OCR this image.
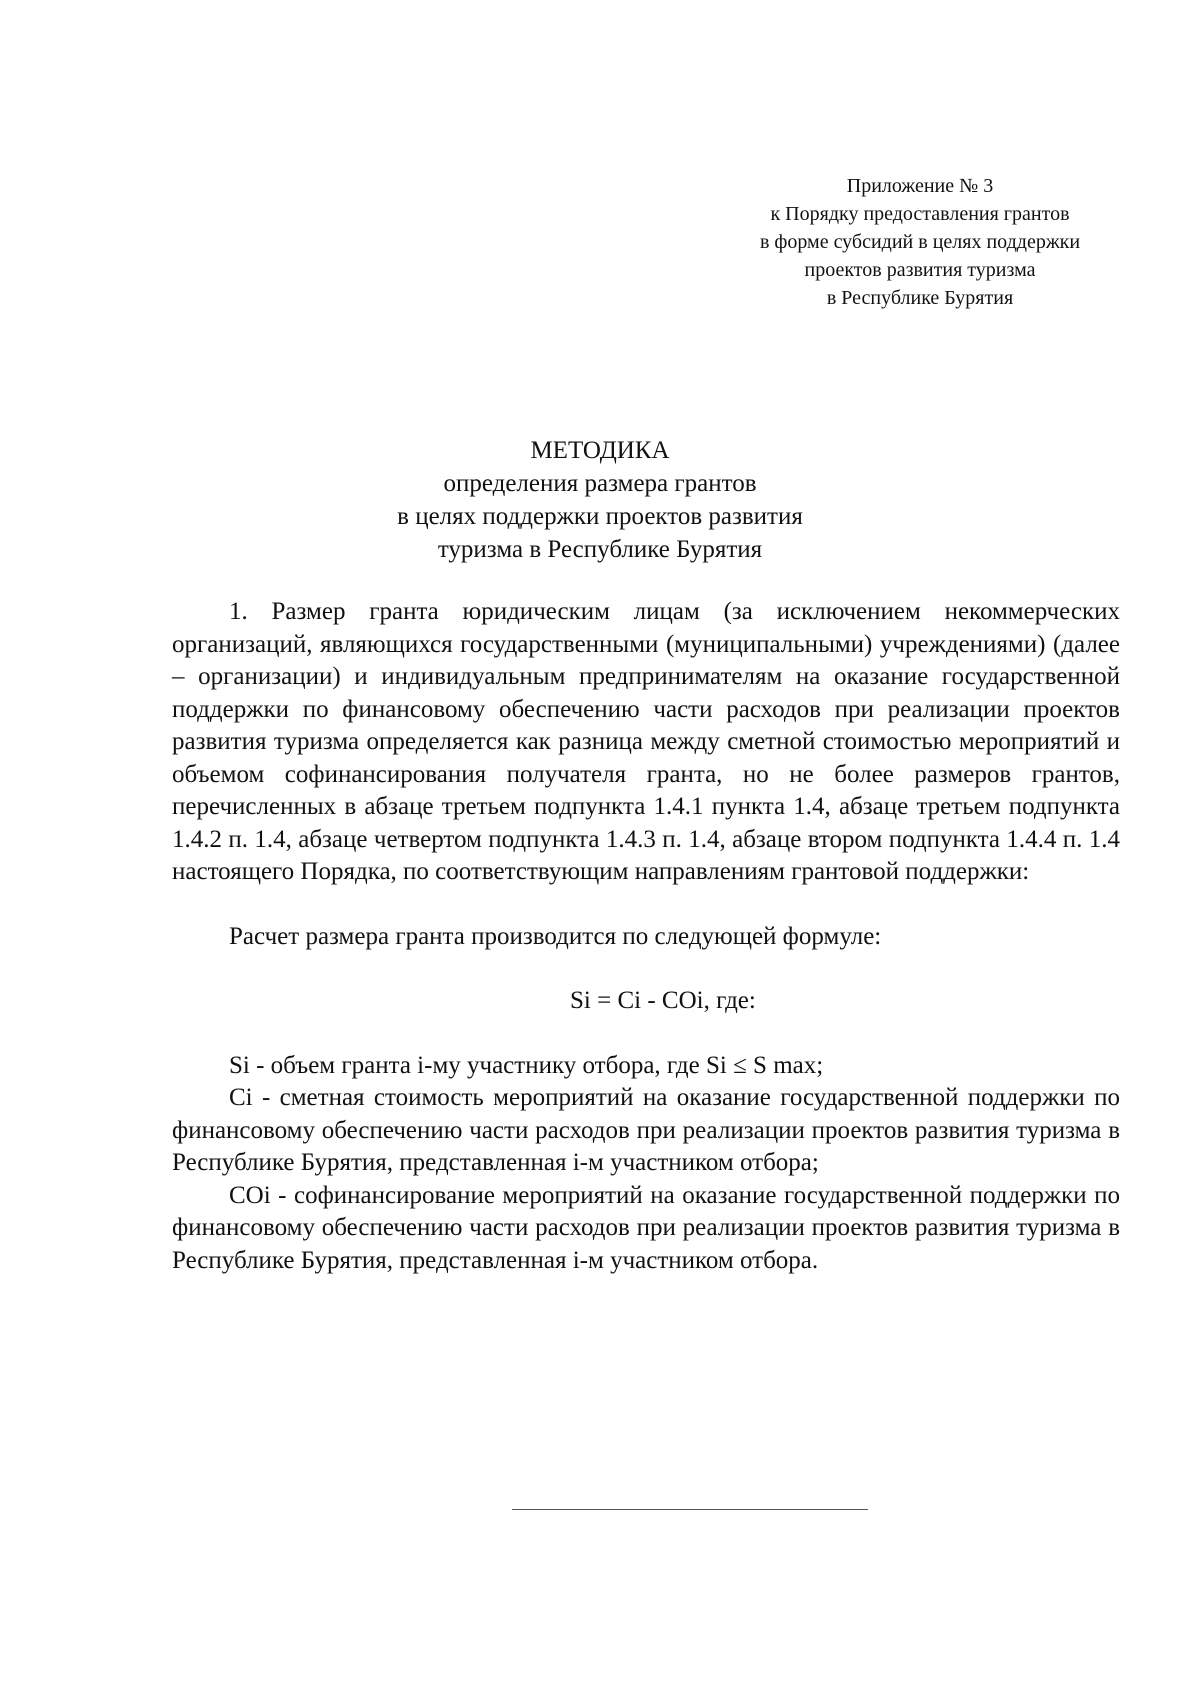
Приложение № 3
к Порядку предоставления грантов
в форме субсидий в целях поддержки
проектов развития туризма
в Республике Бурятия
МЕТОДИКА
определения размера грантов
в целях поддержки проектов развития
туризма в Республике Бурятия

1. Размер гранта юридическим лицам (за исключением некоммерческих организаций, являющихся государственными (муниципальными) учреждениями) (далее – организации) и индивидуальным предпринимателям на оказание государственной поддержки по финансовому обеспечению части расходов при реализации проектов развития туризма определяется как разница между сметной стоимостью мероприятий и объемом софинансирования получателя гранта, но не более размеров грантов, перечисленных в абзаце третьем подпункта 1.4.1 пункта 1.4, абзаце третьем подпункта 1.4.2 п. 1.4, абзаце четвертом подпункта 1.4.3 п. 1.4, абзаце втором подпункта 1.4.4 п. 1.4 настоящего Порядка, по соответствующим направлениям грантовой поддержки:

Расчет размера гранта производится по следующей формуле:

Si = Ci - COi, где:

Si - объем гранта i-му участнику отбора, где Si ≤ S max;

Ci - сметная стоимость мероприятий на оказание государственной поддержки по финансовому обеспечению части расходов при реализации проектов развития туризма в Республике Бурятия, представленная i-м участником отбора;

COi - софинансирование мероприятий на оказание государственной поддержки по финансовому обеспечению части расходов при реализации проектов развития туризма в Республике Бурятия, представленная i-м участником отбора.
